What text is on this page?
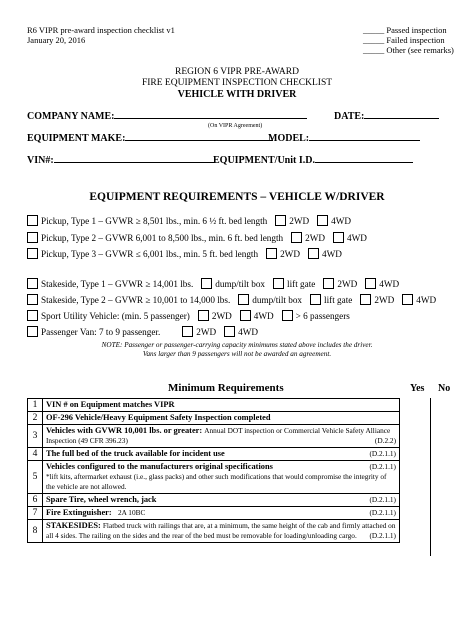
R6 VIPR pre-award inspection checklist v1
January 20, 2016
_____ Passed inspection
_____ Failed inspection
_____ Other (see remarks)
REGION 6 VIPR PRE-AWARD
FIRE EQUIPMENT INSPECTION CHECKLIST
VEHICLE WITH DRIVER
COMPANY NAME:
(On VIPR Agreement)
DATE:
EQUIPMENT MAKE:	MODEL:
VIN#:	EQUIPMENT/Unit I.D.
EQUIPMENT REQUIREMENTS – VEHICLE W/DRIVER
Pickup, Type 1 – GVWR ≥ 8,501 lbs., min. 6 ½ ft. bed length 2WD 4WD
Pickup, Type 2 – GVWR 6,001 to 8,500 lbs., min. 6 ft. bed length 2WD 4WD
Pickup, Type 3 – GVWR ≤ 6,001 lbs., min. 5 ft. bed length 2WD 4WD
Stakeside, Type 1 – GVWR ≥ 14,001 lbs. dump/tilt box lift gate 2WD 4WD
Stakeside, Type 2 – GVWR ≥ 10,001 to 14,000 lbs. dump/tilt box lift gate 2WD 4WD
Sport Utility Vehicle: (min. 5 passenger) 2WD 4WD > 6 passengers
Passenger Van: 7 to 9 passenger.	2WD 4WD
NOTE: Passenger or passenger-carrying capacity minimums stated above includes the driver.
Vans larger than 9 passengers will not be awarded an agreement.
Minimum Requirements	Yes No
1	VIN # on Equipment matches VIPR
2	OF-296 Vehicle/Heavy Equipment Safety Inspection completed
3	Vehicles with GVWR 10,001 lbs. or greater: Annual DOT inspection or Commercial Vehicle Safety Alliance Inspection (49 CFR 396.23) (D.2.2)

4	The full bed of the truck available for incident use (D.2.1.1)

5	Vehicles configured to the manufacturers original specifications (D.2.1.1)

*lift kits, aftermarket exhaust (i.e., glass packs) and other such modifications that would compromise the integrity of the vehicle are not allowed.
6	Spare Tire, wheel wrench, jack (D.2.1.1)

7	Fire Extinguisher: 2A 10BC (D.2.1.1)

8	STAKESIDES: Flatbed truck with railings that are, at a minimum, the same height of the cab and firmly attached on all 4 sides. The railing on the sides and the rear of the bed must be removable for loading/unloading cargo. (D.2.1.1)
